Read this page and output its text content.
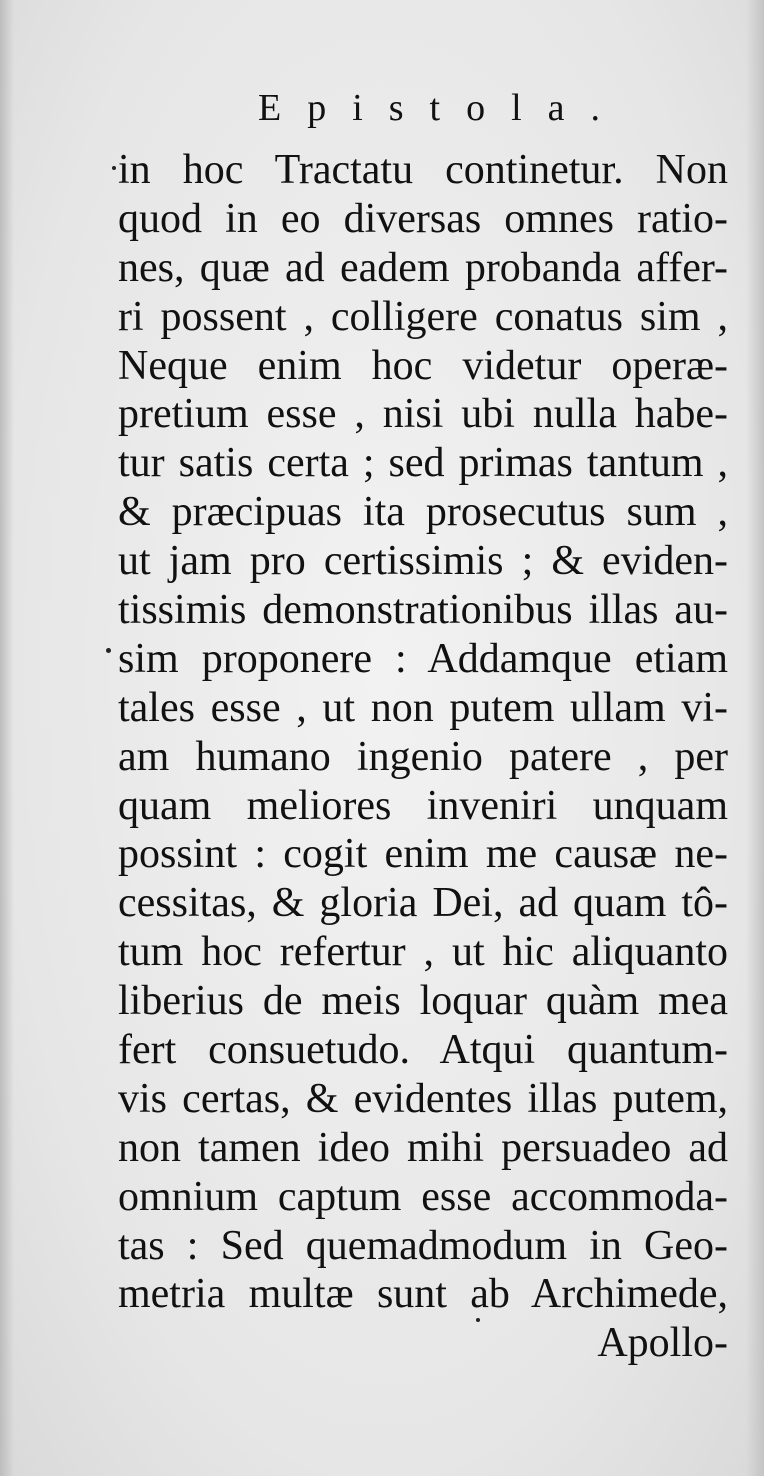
Epistola.
in hoc Tractatu continetur. Non
quod in eo diversas omnes ratio-
nes, quæ ad eadem probanda affer-
ri possent , colligere conatus sim ,
Neque enim hoc videtur operæ-
pretium esse , nisi ubi nulla habe-
tur satis certa ; sed primas tantum ,
& præcipuas ita prosecutus sum ,
ut jam pro certissimis ; & eviden-
tissimis demonstrationibus illas au-
sim proponere : Addamque etiam
tales esse , ut non putem ullam vi-
am humano ingenio patere , per
quam meliores inveniri unquam
possint : cogit enim me causæ ne-
cessitas, & gloria Dei, ad quam tô-
tum hoc refertur , ut hic aliquanto
liberius de meis loquar quàm mea
fert consuetudo. Atqui quantum-
vis certas, & evidentes illas putem,
non tamen ideo mihi persuadeo ad
omnium captum esse accommoda-
tas : Sed quemadmodum in Geo-
metria multæ sunt ab Archimede,
Apollo-
